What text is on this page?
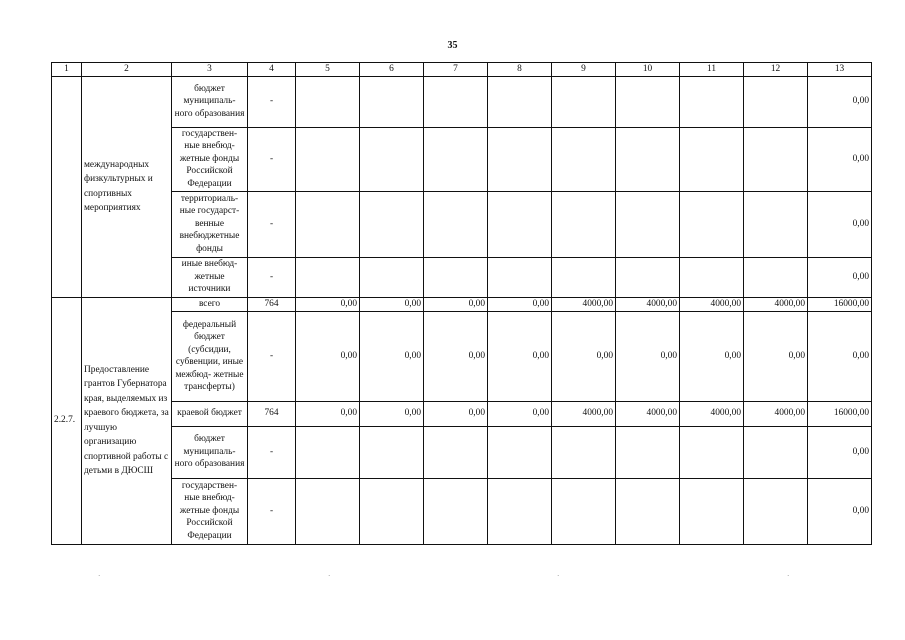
35
1	2	3	4	5	6	7	8	9	10	11	12	13
	международных физкультурных и спортивных мероприятиях	бюджет муниципаль- ного образования	-									0,00
		государствен- ные внебюд- жетные фонды Российской Федерации	-									0,00
		территориаль- ные государст- венные внебюджетные фонды	-									0,00
		иные внебюд- жетные источники	-									0,00
2.2.7.	Предоставление грантов Губернатора края, выделяемых из краевого бюджета, за лучшую организацию спортивной работы с детьми в ДЮСШ	всего	764	0,00	0,00	0,00	0,00	4000,00	4000,00	4000,00	4000,00	16000,00
		федеральный бюджет (субсидии, субвенции, иные межбюд- жетные трансферты)	-	0,00	0,00	0,00	0,00	0,00	0,00	0,00	0,00	0,00
		краевой бюджет	764	0,00	0,00	0,00	0,00	4000,00	4000,00	4000,00	4000,00	16000,00
		бюджет муниципаль- ного образования	-									0,00
		государствен- ные внебюд- жетные фонды Российской Федерации	-									0,00
·	·	·	·
